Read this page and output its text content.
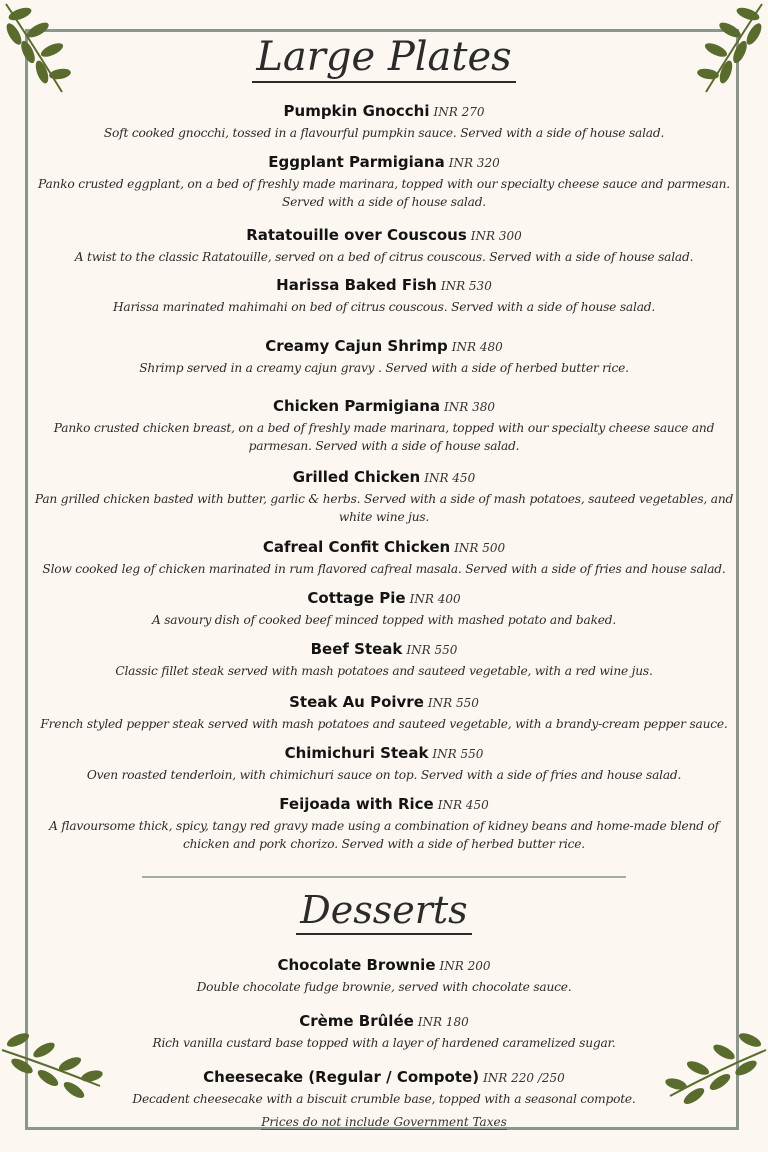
Large Plates
Pumpkin Gnocchi INR 270
Soft cooked gnocchi, tossed in a flavourful pumpkin sauce. Served with a side of house salad.
Eggplant Parmigiana INR 320
Panko crusted eggplant, on a bed of freshly made marinara, topped with our specialty cheese sauce and parmesan. Served with a side of house salad.
Ratatouille over Couscous INR 300
A twist to the classic Ratatouille, served on a bed of citrus couscous. Served with a side of house salad.
Harissa Baked Fish INR 530
Harissa marinated mahimahi on bed of citrus couscous. Served with a side of house salad.
Creamy Cajun Shrimp INR 480
Shrimp served in a creamy cajun gravy . Served with a side of herbed butter rice.
Chicken Parmigiana INR 380
Panko crusted chicken breast, on a bed of freshly made marinara, topped with our specialty cheese sauce and parmesan. Served with a side of house salad.
Grilled Chicken INR 450
Pan grilled chicken basted with butter, garlic & herbs. Served with a side of mash potatoes, sauteed vegetables, and white wine jus.
Cafreal Confit Chicken INR 500
Slow cooked leg of chicken marinated in rum flavored cafreal masala. Served with a side of fries and house salad.
Cottage Pie INR 400
A savoury dish of cooked beef minced topped with mashed potato and baked.
Beef Steak INR 550
Classic fillet steak served with mash potatoes and sauteed vegetable, with a red wine jus.
Steak Au Poivre INR 550
French styled pepper steak served with mash potatoes and sauteed vegetable, with a brandy-cream pepper sauce.
Chimichuri Steak INR 550
Oven roasted tenderloin, with chimichuri sauce on top. Served with a side of fries and house salad.
Feijoada with Rice INR 450
A flavoursome thick, spicy, tangy red gravy made using a combination of kidney beans and home-made blend of chicken and pork chorizo. Served with a side of herbed butter rice.
Desserts
Chocolate Brownie INR 200
Double chocolate fudge brownie, served with chocolate sauce.
Crème Brûlée INR 180
Rich vanilla custard base topped with a layer of hardened caramelized sugar.
Cheesecake (Regular / Compote) INR 220 /250
Decadent cheesecake with a biscuit crumble base, topped with a seasonal compote.
Prices do not include Government Taxes
